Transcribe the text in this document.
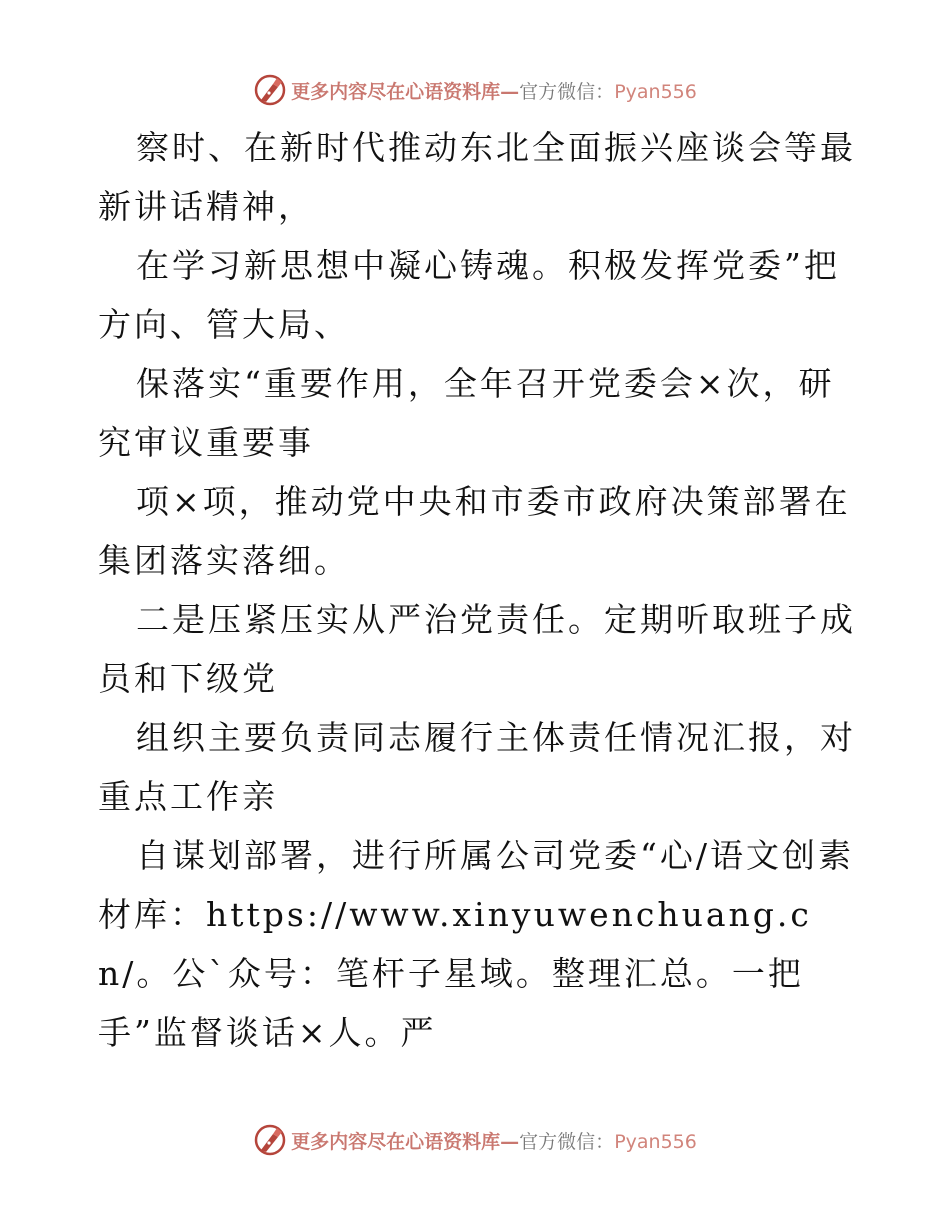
更多内容尽在心语资料库—官方微信：Pyan556

察时、在新时代推动东北全面振兴座谈会等最新讲话精神，

在学习新思想中凝心铸魂。积极发挥党委”把方向、管大局、

保落实“重要作用，全年召开党委会×次，研究审议重要事

项×项，推动党中央和市委市政府决策部署在集团落实落细。

二是压紧压实从严治党责任。定期听取班子成员和下级党

组织主要负责同志履行主体责任情况汇报，对重点工作亲

自谋划部署，进行所属公司党委“心/语文创素材库：https://www.xinyuwenchuang.cn/。公`众号：笔杆子星域。整理汇总。一把手”监督谈话×人。严

更多内容尽在心语资料库—官方微信：Pyan556
